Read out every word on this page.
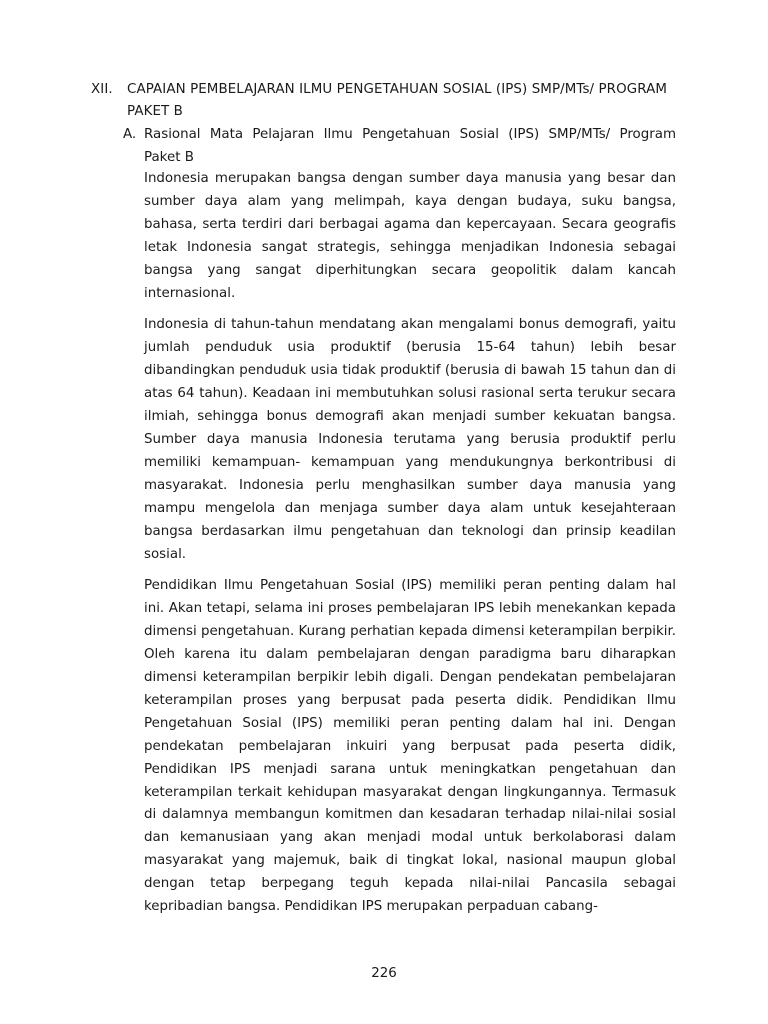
XII. CAPAIAN PEMBELAJARAN ILMU PENGETAHUAN SOSIAL (IPS) SMP/MTs/ PROGRAM PAKET B
A. Rasional Mata Pelajaran Ilmu Pengetahuan Sosial (IPS) SMP/MTs/ Program Paket B

Indonesia merupakan bangsa dengan sumber daya manusia yang besar dan sumber daya alam yang melimpah, kaya dengan budaya, suku bangsa, bahasa, serta terdiri dari berbagai agama dan kepercayaan. Secara geografis letak Indonesia sangat strategis, sehingga menjadikan Indonesia sebagai bangsa yang sangat diperhitungkan secara geopolitik dalam kancah internasional.

Indonesia di tahun-tahun mendatang akan mengalami bonus demografi, yaitu jumlah penduduk usia produktif (berusia 15-64 tahun) lebih besar dibandingkan penduduk usia tidak produktif (berusia di bawah 15 tahun dan di atas 64 tahun). Keadaan ini membutuhkan solusi rasional serta terukur secara ilmiah, sehingga bonus demografi akan menjadi sumber kekuatan bangsa. Sumber daya manusia Indonesia terutama yang berusia produktif perlu memiliki kemampuan- kemampuan yang mendukungnya berkontribusi di masyarakat. Indonesia perlu menghasilkan sumber daya manusia yang mampu mengelola dan menjaga sumber daya alam untuk kesejahteraan bangsa berdasarkan ilmu pengetahuan dan teknologi dan prinsip keadilan sosial.

Pendidikan Ilmu Pengetahuan Sosial (IPS) memiliki peran penting dalam hal ini. Akan tetapi, selama ini proses pembelajaran IPS lebih menekankan kepada dimensi pengetahuan. Kurang perhatian kepada dimensi keterampilan berpikir. Oleh karena itu dalam pembelajaran dengan paradigma baru diharapkan dimensi keterampilan berpikir lebih digali. Dengan pendekatan pembelajaran keterampilan proses yang berpusat pada peserta didik. Pendidikan Ilmu Pengetahuan Sosial (IPS) memiliki peran penting dalam hal ini. Dengan pendekatan pembelajaran inkuiri yang berpusat pada peserta didik, Pendidikan IPS menjadi sarana untuk meningkatkan pengetahuan dan keterampilan terkait kehidupan masyarakat dengan lingkungannya. Termasuk di dalamnya membangun komitmen dan kesadaran terhadap nilai-nilai sosial dan kemanusiaan yang akan menjadi modal untuk berkolaborasi dalam masyarakat yang majemuk, baik di tingkat lokal, nasional maupun global dengan tetap berpegang teguh kepada nilai-nilai Pancasila sebagai kepribadian bangsa. Pendidikan IPS merupakan perpaduan cabang-

226
